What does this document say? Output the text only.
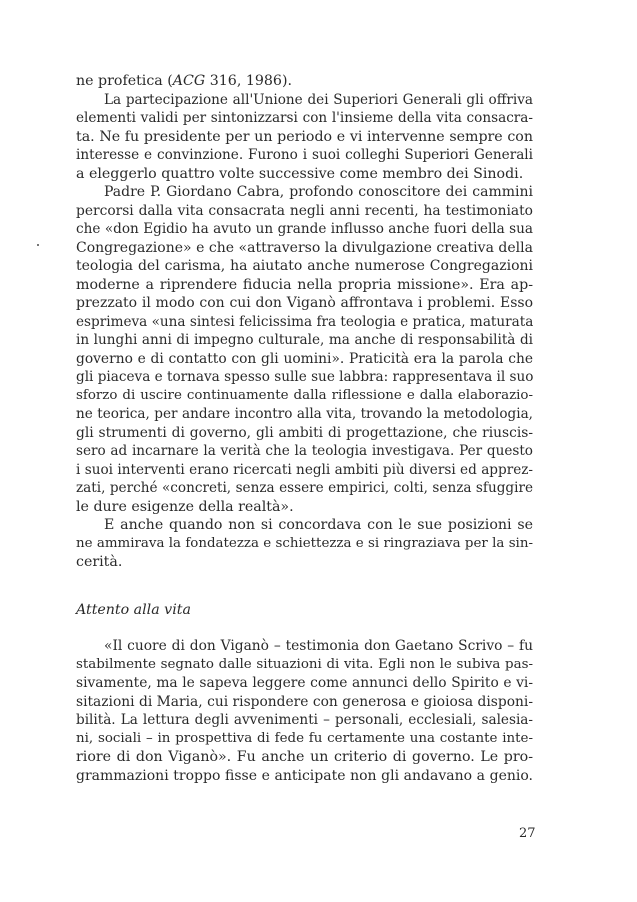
ne profetica (ACG 316, 1986).
La partecipazione all'Unione dei Superiori Generali gli offriva
elementi validi per sintonizzarsi con l'insieme della vita consacra-
ta. Ne fu presidente per un periodo e vi intervenne sempre con
interesse e convinzione. Furono i suoi colleghi Superiori Generali
a eleggerlo quattro volte successive come membro dei Sinodi.
Padre P. Giordano Cabra, profondo conoscitore dei cammini
percorsi dalla vita consacrata negli anni recenti, ha testimoniato
che «don Egidio ha avuto un grande influsso anche fuori della sua
Congregazione» e che «attraverso la divulgazione creativa della
teologia del carisma, ha aiutato anche numerose Congregazioni
moderne a riprendere fiducia nella propria missione». Era ap-
prezzato il modo con cui don Viganò affrontava i problemi. Esso
esprimeva «una sintesi felicissima fra teologia e pratica, maturata
in lunghi anni di impegno culturale, ma anche di responsabilità di
governo e di contatto con gli uomini». Praticità era la parola che
gli piaceva e tornava spesso sulle sue labbra: rappresentava il suo
sforzo di uscire continuamente dalla riflessione e dalla elaborazio-
ne teorica, per andare incontro alla vita, trovando la metodologia,
gli strumenti di governo, gli ambiti di progettazione, che riuscis-
sero ad incarnare la verità che la teologia investigava. Per questo
i suoi interventi erano ricercati negli ambiti più diversi ed apprez-
zati, perché «concreti, senza essere empirici, colti, senza sfuggire
le dure esigenze della realtà».
E anche quando non si concordava con le sue posizioni se
ne ammirava la fondatezza e schiettezza e si ringraziava per la sin-
cerità.
Attento alla vita
«Il cuore di don Viganò – testimonia don Gaetano Scrivo – fu
stabilmente segnato dalle situazioni di vita. Egli non le subiva pas-
sivamente, ma le sapeva leggere come annunci dello Spirito e vi-
sitazioni di Maria, cui rispondere con generosa e gioiosa disponi-
bilità. La lettura degli avvenimenti – personali, ecclesiali, salesia-
ni, sociali – in prospettiva di fede fu certamente una costante inte-
riore di don Viganò». Fu anche un criterio di governo. Le pro-
grammazioni troppo fisse e anticipate non gli andavano a genio.
27
